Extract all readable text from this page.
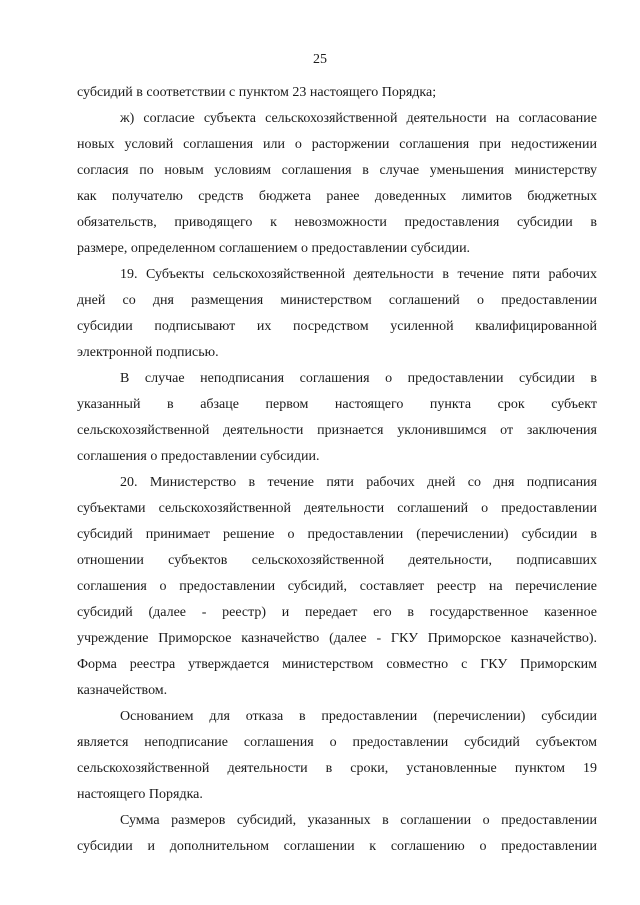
25
субсидий в соответствии с пунктом 23 настоящего Порядка;
ж) согласие субъекта сельскохозяйственной деятельности на согласование
новых условий соглашения или о расторжении соглашения при недостижении
согласия по новым условиям соглашения в случае уменьшения министерству
как получателю средств бюджета ранее доведенных лимитов бюджетных
обязательств, приводящего к невозможности предоставления субсидии в
размере, определенном соглашением о предоставлении субсидии.
19. Субъекты сельскохозяйственной деятельности в течение пяти рабочих
дней со дня размещения министерством соглашений о предоставлении
субсидии подписывают их посредством усиленной квалифицированной
электронной подписью.
В случае неподписания соглашения о предоставлении субсидии в
указанный в абзаце первом настоящего пункта срок субъект
сельскохозяйственной деятельности признается уклонившимся от заключения
соглашения о предоставлении субсидии.
20. Министерство в течение пяти рабочих дней со дня подписания
субъектами сельскохозяйственной деятельности соглашений о предоставлении
субсидий принимает решение о предоставлении (перечислении) субсидии в
отношении субъектов сельскохозяйственной деятельности, подписавших
соглашения о предоставлении субсидий, составляет реестр на перечисление
субсидий (далее - реестр) и передает его в государственное казенное
учреждение Приморское казначейство (далее - ГКУ Приморское казначейство).
Форма реестра утверждается министерством совместно с ГКУ Приморским
казначейством.
Основанием для отказа в предоставлении (перечислении) субсидии
является неподписание соглашения о предоставлении субсидий субъектом
сельскохозяйственной деятельности в сроки, установленные пунктом 19
настоящего Порядка.
Сумма размеров субсидий, указанных в соглашении о предоставлении
субсидии и дополнительном соглашении к соглашению о предоставлении
